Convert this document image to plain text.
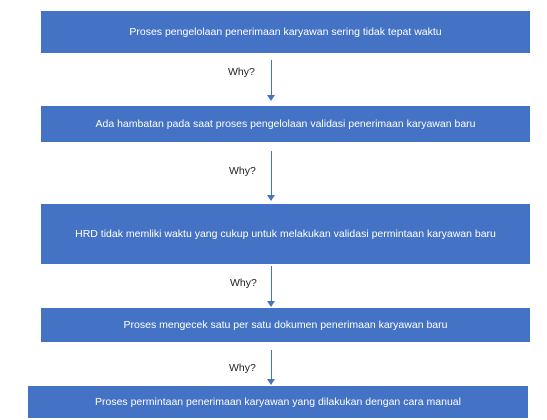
Proses pengelolaan penerimaan karyawan sering tidak tepat waktu
Why?
Ada hambatan pada saat proses pengelolaan validasi penerimaan karyawan baru
Why?
HRD tidak memliki waktu yang cukup untuk melakukan validasi permintaan karyawan baru
Why?
Proses mengecek satu per satu dokumen penerimaan karyawan baru
Why?
Proses permintaan penerimaan karyawan yang dilakukan dengan cara manual
